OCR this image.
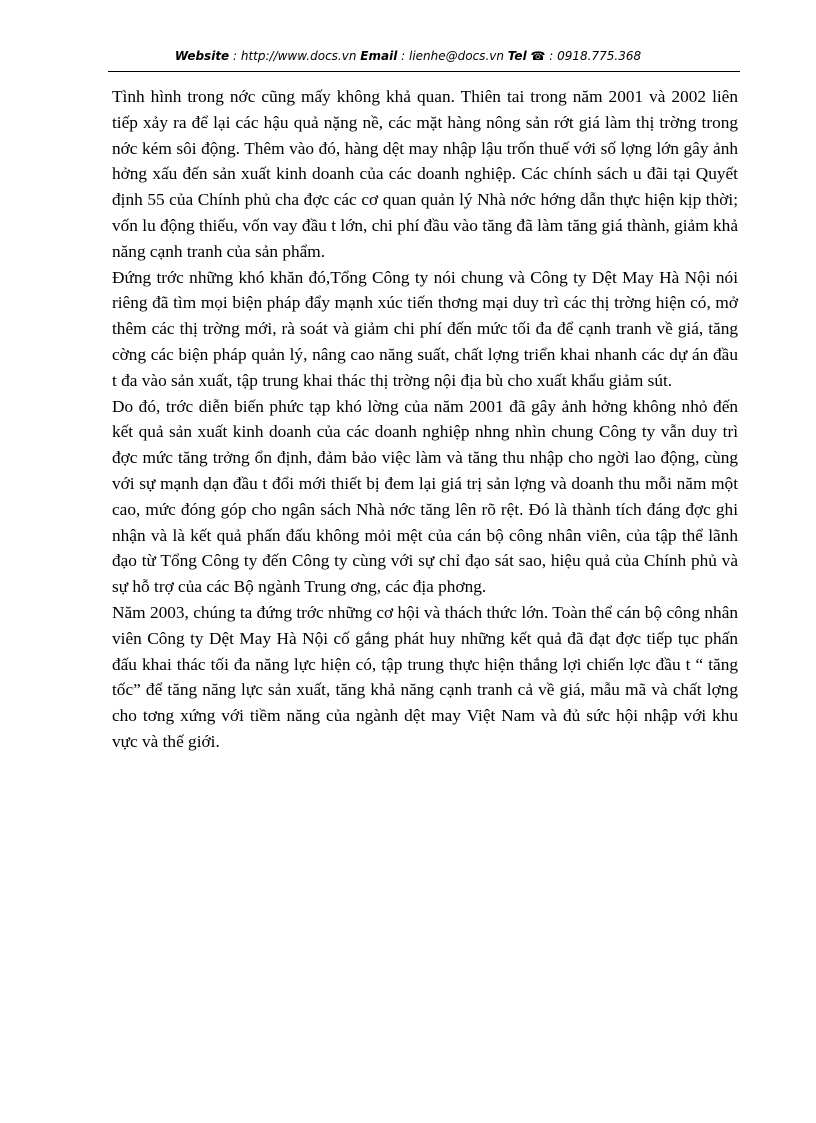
Website : http://www.docs.vn Email : lienhe@docs.vn Tel ☎ : 0918.775.368

Tình hình trong nớc cũng mấy không khả quan. Thiên tai trong năm 2001 và 2002 liên tiếp xảy ra để lại các hậu quả nặng nề, các mặt hàng nông sản rớt giá làm thị trờng trong nớc kém sôi động. Thêm vào đó, hàng dệt may nhập lậu trốn thuế với số lợng lớn gây ảnh hởng xấu đến sản xuất kinh doanh của các doanh nghiệp. Các chính sách u đãi tại Quyết định 55 của Chính phủ cha đợc các cơ quan quản lý Nhà nớc hớng dẫn thực hiện kịp thời; vốn lu động thiếu, vốn vay đầu t lớn, chi phí đầu vào tăng đã làm tăng giá thành, giảm khả năng cạnh tranh của sản phẩm.

Đứng trớc những khó khăn đó,Tổng Công ty nói chung và Công ty Dệt May Hà Nội nói riêng đã tìm mọi biện pháp đẩy mạnh xúc tiến thơng mại duy trì các thị trờng hiện có, mở thêm các thị trờng mới, rà soát và giảm chi phí đến mức tối đa để cạnh tranh về giá, tăng cờng các biện pháp quản lý, nâng cao năng suất, chất lợng triển khai nhanh các dự án đầu t đa vào sản xuất, tập trung khai thác thị trờng nội địa bù cho xuất khẩu giảm sút.

Do đó, trớc diễn biến phức tạp khó lờng của năm 2001 đã gây ảnh hởng không nhỏ đến kết quả sản xuất kinh doanh của các doanh nghiệp nhng nhìn chung Công ty vẫn duy trì đợc mức tăng trởng ổn định, đảm bảo việc làm và tăng thu nhập cho ngời lao động, cùng với sự mạnh dạn đầu t đổi mới thiết bị đem lại giá trị sản lợng và doanh thu mỗi năm một cao, mức đóng góp cho ngân sách Nhà nớc tăng lên rõ rệt. Đó là thành tích đáng đợc ghi nhận và là kết quả phấn đấu không mỏi mệt của cán bộ công nhân viên, của tập thể lãnh đạo từ Tổng Công ty đến Công ty cùng với sự chỉ đạo sát sao, hiệu quả của Chính phủ và sự hỗ trợ của các Bộ ngành Trung ơng, các địa phơng.

Năm 2003, chúng ta đứng trớc những cơ hội và thách thức lớn. Toàn thể cán bộ công nhân viên Công ty Dệt May Hà Nội cố gắng phát huy những kết quả đã đạt đợc tiếp tục phấn đấu khai thác tối đa năng lực hiện có, tập trung thực hiện thắng lợi chiến lợc đầu t “ tăng tốc” để tăng năng lực sản xuất, tăng khả năng cạnh tranh cả về giá, mẫu mã và chất lợng cho tơng xứng với tiềm năng của ngành dệt may Việt Nam và đủ sức hội nhập với khu vực và thế giới.
